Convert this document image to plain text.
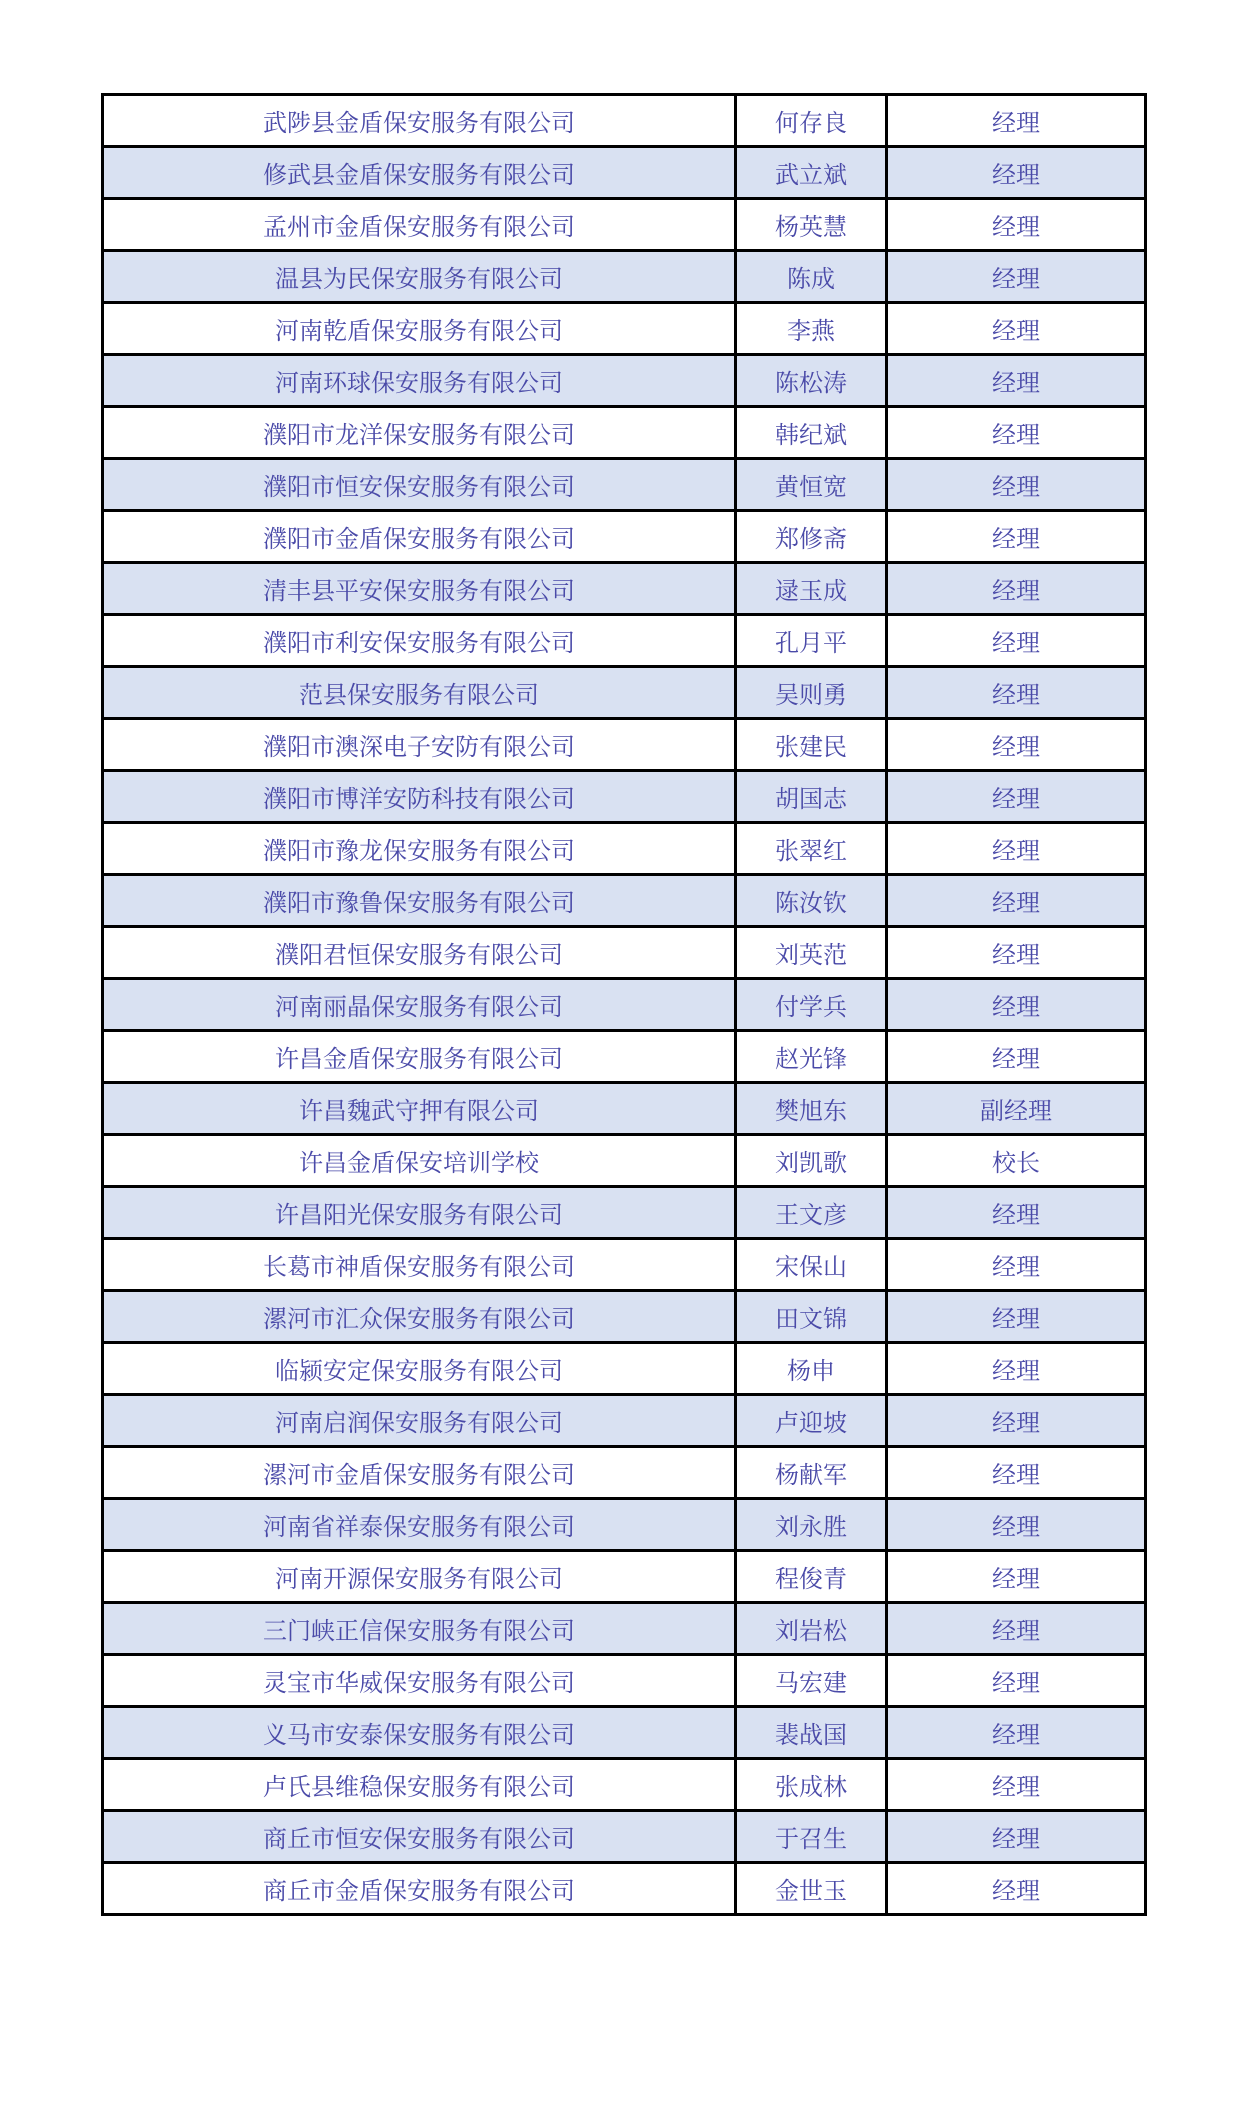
武陟县金盾保安服务有限公司	何存良	经理
修武县金盾保安服务有限公司	武立斌	经理
孟州市金盾保安服务有限公司	杨英慧	经理
温县为民保安服务有限公司	陈成	经理
河南乾盾保安服务有限公司	李燕	经理
河南环球保安服务有限公司	陈松涛	经理
濮阳市龙洋保安服务有限公司	韩纪斌	经理
濮阳市恒安保安服务有限公司	黄恒宽	经理
濮阳市金盾保安服务有限公司	郑修斋	经理
清丰县平安保安服务有限公司	逯玉成	经理
濮阳市利安保安服务有限公司	孔月平	经理
范县保安服务有限公司	吴则勇	经理
濮阳市澳深电子安防有限公司	张建民	经理
濮阳市博洋安防科技有限公司	胡国志	经理
濮阳市豫龙保安服务有限公司	张翠红	经理
濮阳市豫鲁保安服务有限公司	陈汝钦	经理
濮阳君恒保安服务有限公司	刘英范	经理
河南丽晶保安服务有限公司	付学兵	经理
许昌金盾保安服务有限公司	赵光锋	经理
许昌魏武守押有限公司	樊旭东	副经理
许昌金盾保安培训学校	刘凯歌	校长
许昌阳光保安服务有限公司	王文彦	经理
长葛市神盾保安服务有限公司	宋保山	经理
漯河市汇众保安服务有限公司	田文锦	经理
临颍安定保安服务有限公司	杨申	经理
河南启润保安服务有限公司	卢迎坡	经理
漯河市金盾保安服务有限公司	杨献军	经理
河南省祥泰保安服务有限公司	刘永胜	经理
河南开源保安服务有限公司	程俊青	经理
三门峡正信保安服务有限公司	刘岩松	经理
灵宝市华威保安服务有限公司	马宏建	经理
义马市安泰保安服务有限公司	裴战国	经理
卢氏县维稳保安服务有限公司	张成林	经理
商丘市恒安保安服务有限公司	于召生	经理
商丘市金盾保安服务有限公司	金世玉	经理
